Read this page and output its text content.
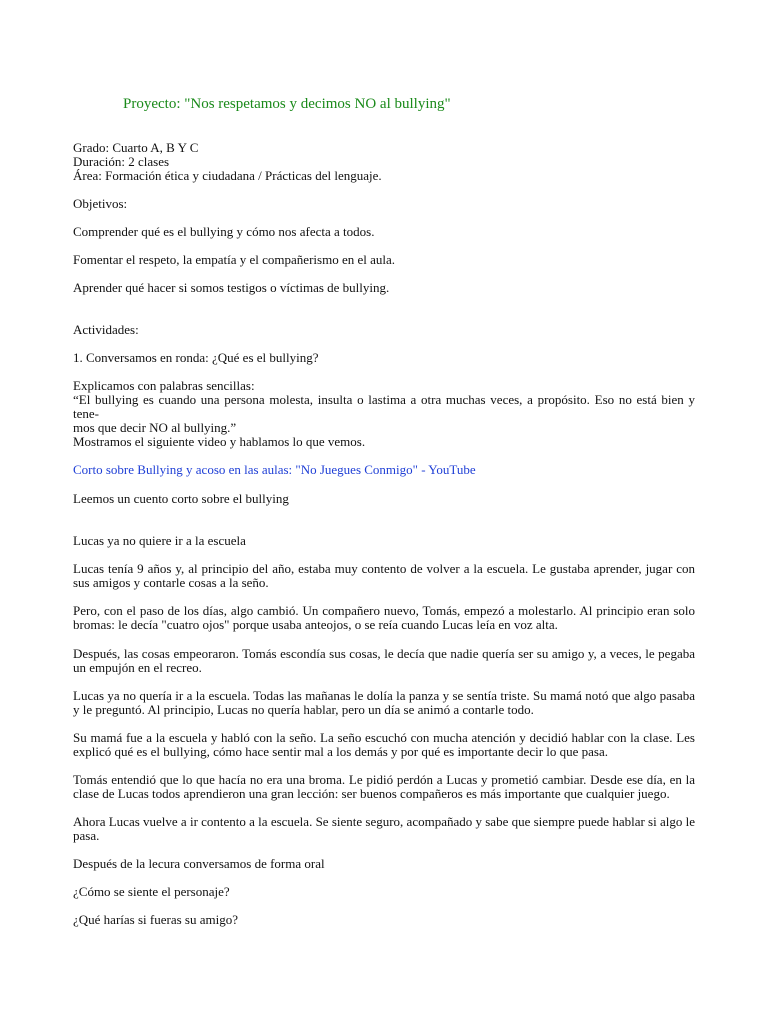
Proyecto: "Nos respetamos y decimos NO al bullying"
Grado: Cuarto A, B Y C
Duración: 2 clases
Área: Formación ética y ciudadana / Prácticas del lenguaje.
Objetivos:
Comprender qué es el bullying y cómo nos afecta a todos.
Fomentar el respeto, la empatía y el compañerismo en el aula.
Aprender qué hacer si somos testigos o víctimas de bullying.
Actividades:
1. Conversamos en ronda: ¿Qué es el bullying?
Explicamos con palabras sencillas:
“El bullying es cuando una persona molesta, insulta o lastima a otra muchas veces, a propósito. Eso no está bien y tene-
mos que decir NO al bullying.”
Mostramos el siguiente video y hablamos lo que vemos.
Corto sobre Bullying y acoso en las aulas: "No Juegues Conmigo" - YouTube
Leemos un cuento corto sobre el bullying
Lucas ya no quiere ir a la escuela
Lucas tenía 9 años y, al principio del año, estaba muy contento de volver a la escuela. Le gustaba aprender, jugar con
sus amigos y contarle cosas a la seño.
Pero, con el paso de los días, algo cambió. Un compañero nuevo, Tomás, empezó a molestarlo. Al principio eran solo
bromas: le decía "cuatro ojos" porque usaba anteojos, o se reía cuando Lucas leía en voz alta.
Después, las cosas empeoraron. Tomás escondía sus cosas, le decía que nadie quería ser su amigo y, a veces, le pegaba
un empujón en el recreo.
Lucas ya no quería ir a la escuela. Todas las mañanas le dolía la panza y se sentía triste. Su mamá notó que algo pasaba
y le preguntó. Al principio, Lucas no quería hablar, pero un día se animó a contarle todo.
Su mamá fue a la escuela y habló con la seño. La seño escuchó con mucha atención y decidió hablar con la clase. Les
explicó qué es el bullying, cómo hace sentir mal a los demás y por qué es importante decir lo que pasa.
Tomás entendió que lo que hacía no era una broma. Le pidió perdón a Lucas y prometió cambiar. Desde ese día, en la
clase de Lucas todos aprendieron una gran lección: ser buenos compañeros es más importante que cualquier juego.
Ahora Lucas vuelve a ir contento a la escuela. Se siente seguro, acompañado y sabe que siempre puede hablar si algo le
pasa.
Después de la lecura conversamos de forma oral
¿Cómo se siente el personaje?
¿Qué harías si fueras su amigo?
